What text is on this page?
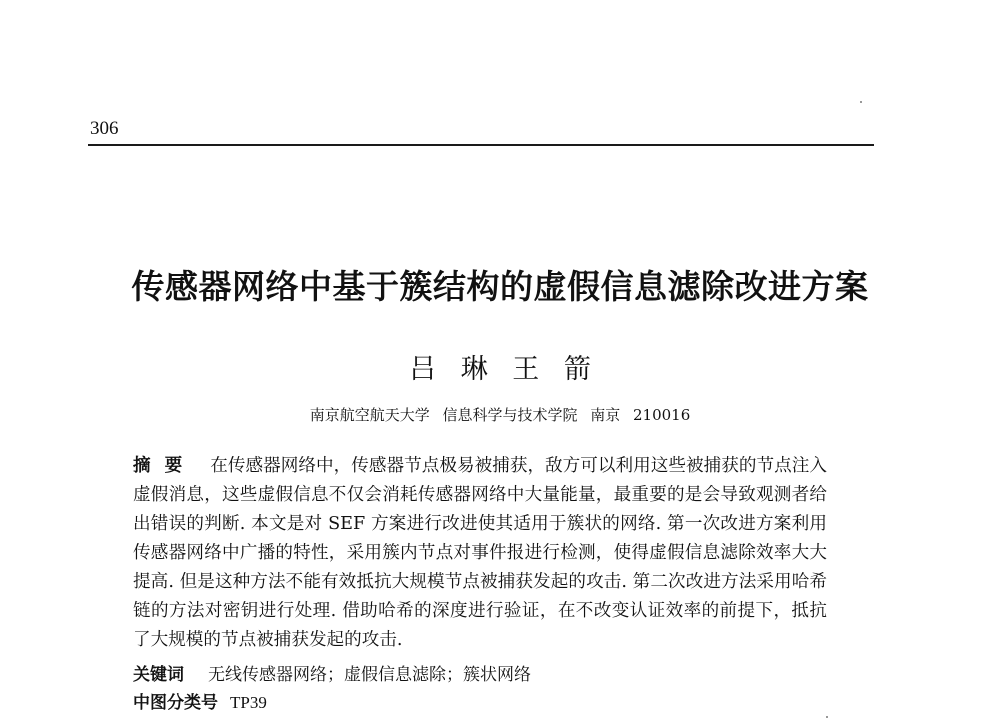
306
传感器网络中基于簇结构的虚假信息滤除改进方案
吕 琳 王 箭
南京航空航天大学 信息科学与技术学院 南京 210016

摘要 在传感器网络中，传感器节点极易被捕获，敌方可以利用这些被捕获的节点注入虚假消息，这些虚假信息不仅会消耗传感器网络中大量能量，最重要的是会导致观测者给出错误的判断. 本文是对 SEF 方案进行改进使其适用于簇状的网络. 第一次改进方案利用传感器网络中广播的特性，采用簇内节点对事件报进行检测，使得虚假信息滤除效率大大提高. 但是这种方法不能有效抵抗大规模节点被捕获发起的攻击. 第二次改进方法采用哈希链的方法对密钥进行处理. 借助哈希的深度进行验证，在不改变认证效率的前提下，抵抗了大规模的节点被捕获发起的攻击.

关键词 无线传感器网络；虚假信息滤除；簇状网络
中图分类号 TP39
